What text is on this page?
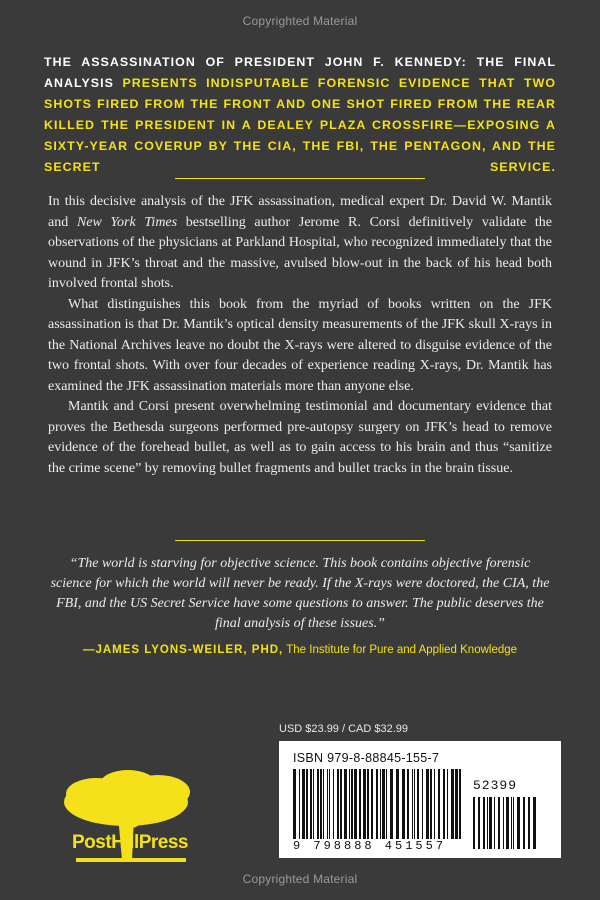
Copyrighted Material
THE ASSASSINATION OF PRESIDENT JOHN F. KENNEDY: THE FINAL ANALYSIS PRESENTS INDISPUTABLE FORENSIC EVIDENCE THAT TWO SHOTS FIRED FROM THE FRONT AND ONE SHOT FIRED FROM THE REAR KILLED THE PRESIDENT IN A DEALEY PLAZA CROSSFIRE—EXPOSING A SIXTY-YEAR COVERUP BY THE CIA, THE FBI, THE PENTAGON, AND THE SECRET SERVICE.

In this decisive analysis of the JFK assassination, medical expert Dr. David W. Mantik and New York Times bestselling author Jerome R. Corsi definitively validate the observations of the physicians at Parkland Hospital, who recognized immediately that the wound in JFK’s throat and the massive, avulsed blow-out in the back of his head both involved frontal shots.

What distinguishes this book from the myriad of books written on the JFK assassination is that Dr. Mantik’s optical density measurements of the JFK skull X-rays in the National Archives leave no doubt the X-rays were altered to disguise evidence of the two frontal shots. With over four decades of experience reading X-rays, Dr. Mantik has examined the JFK assassination materials more than anyone else.

Mantik and Corsi present overwhelming testimonial and documentary evidence that proves the Bethesda surgeons performed pre-autopsy surgery on JFK’s head to remove evidence of the forehead bullet, as well as to gain access to his brain and thus “sanitize the crime scene” by removing bullet fragments and bullet tracks in the brain tissue.

“The world is starving for objective science. This book contains objective forensic science for which the world will never be ready. If the X-rays were doctored, the CIA, the FBI, and the US Secret Service have some questions to answer. The public deserves the final analysis of these issues.”
—JAMES LYONS-WEILER, PHD, The Institute for Pure and Applied Knowledge
USD $23.99 / CAD $32.99
ISBN 979-8-88845-155-7
52399
9 798888 451557
PostHillPress
Copyrighted Material
